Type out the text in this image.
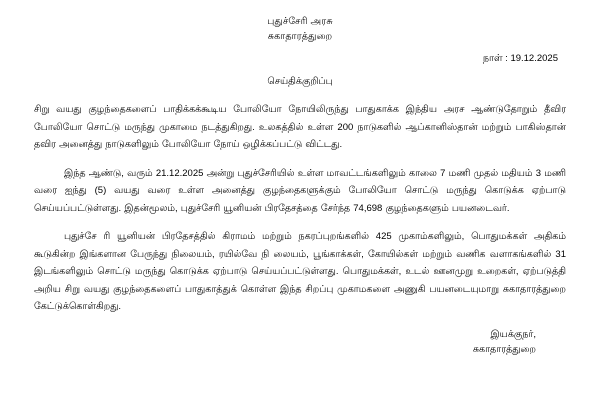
புதுச்சேரி அரசு
சுகாதாரத்துறை
நாள் : 19.12.2025
செய்திக்குறிப்பு

சிறு வயது குழந்தைகளைப் பாதிக்கக்கூடிய போலியோ நோயிலிருந்து பாதுகாக்க இந்திய அரச ஆண்டுதோறும் தீவிர போலியோ சொட்டு மருந்து முகாமை நடத்துகிறது. உலகத்தில் உள்ள 200 நாடுகளில் ஆப்கானிஸ்தான் மற்றும் பாகிஸ்தான் தவிர அனைத்து நாடுகளிலும் போலியோ நோய் ஒழிக்கப்பட்டு விட்டது.

இந்த ஆண்டு, வரும் 21.12.2025 அன்று புதுச்சேரியில் உள்ள மாவட்டங்களிலும் காலை 7 மணி முதல் மதியம் 3 மணி வரை ஐந்து (5) வயது வரை உள்ள அனைத்து குழந்தைகளுக்கும் போலியோ சொட்டு மருந்து கொடுக்க ஏற்பாடு செய்யப்பட்டுள்ளது. இதன்மூலம், புதுச்சேரி யூனியன் பிரதேசத்தை சேர்ந்த 74,698 குழந்தைகளும் பயனடைவர்.

புதுச்சே ரி யூனியன் பிரதேசத்தில் கிராமம் மற்றும் நகரப்புறங்களில் 425 முகாம்களிலும், பொதுமக்கள் அதிகம் கூடுகின்ற இங்களான பேருந்து நிலையம், ரயில்வே நி லையம், பூங்காக்கள், கோயில்கள் மற்றும் வணிக வளாகங்களில் 31 இடங்களிலும் சொட்டு மருந்து கொடுக்க ஏற்பாடு செய்யப்பட்டுள்ளது. பொதுமக்கள், உடல் ஊனமுறு உறைகள், ஏற்படுத்தி அறிய சிறு வயது குழந்தைகளைப் பாதுகாத்துக் கொள்ள இந்த சிறப்பு முகாமகளை அணுகி பயனடையுமாறு சுகாதாரத்துறை கேட்டுக்கொள்கிறது.

இயக்குநர்,
சுகாதாரத்துறை
